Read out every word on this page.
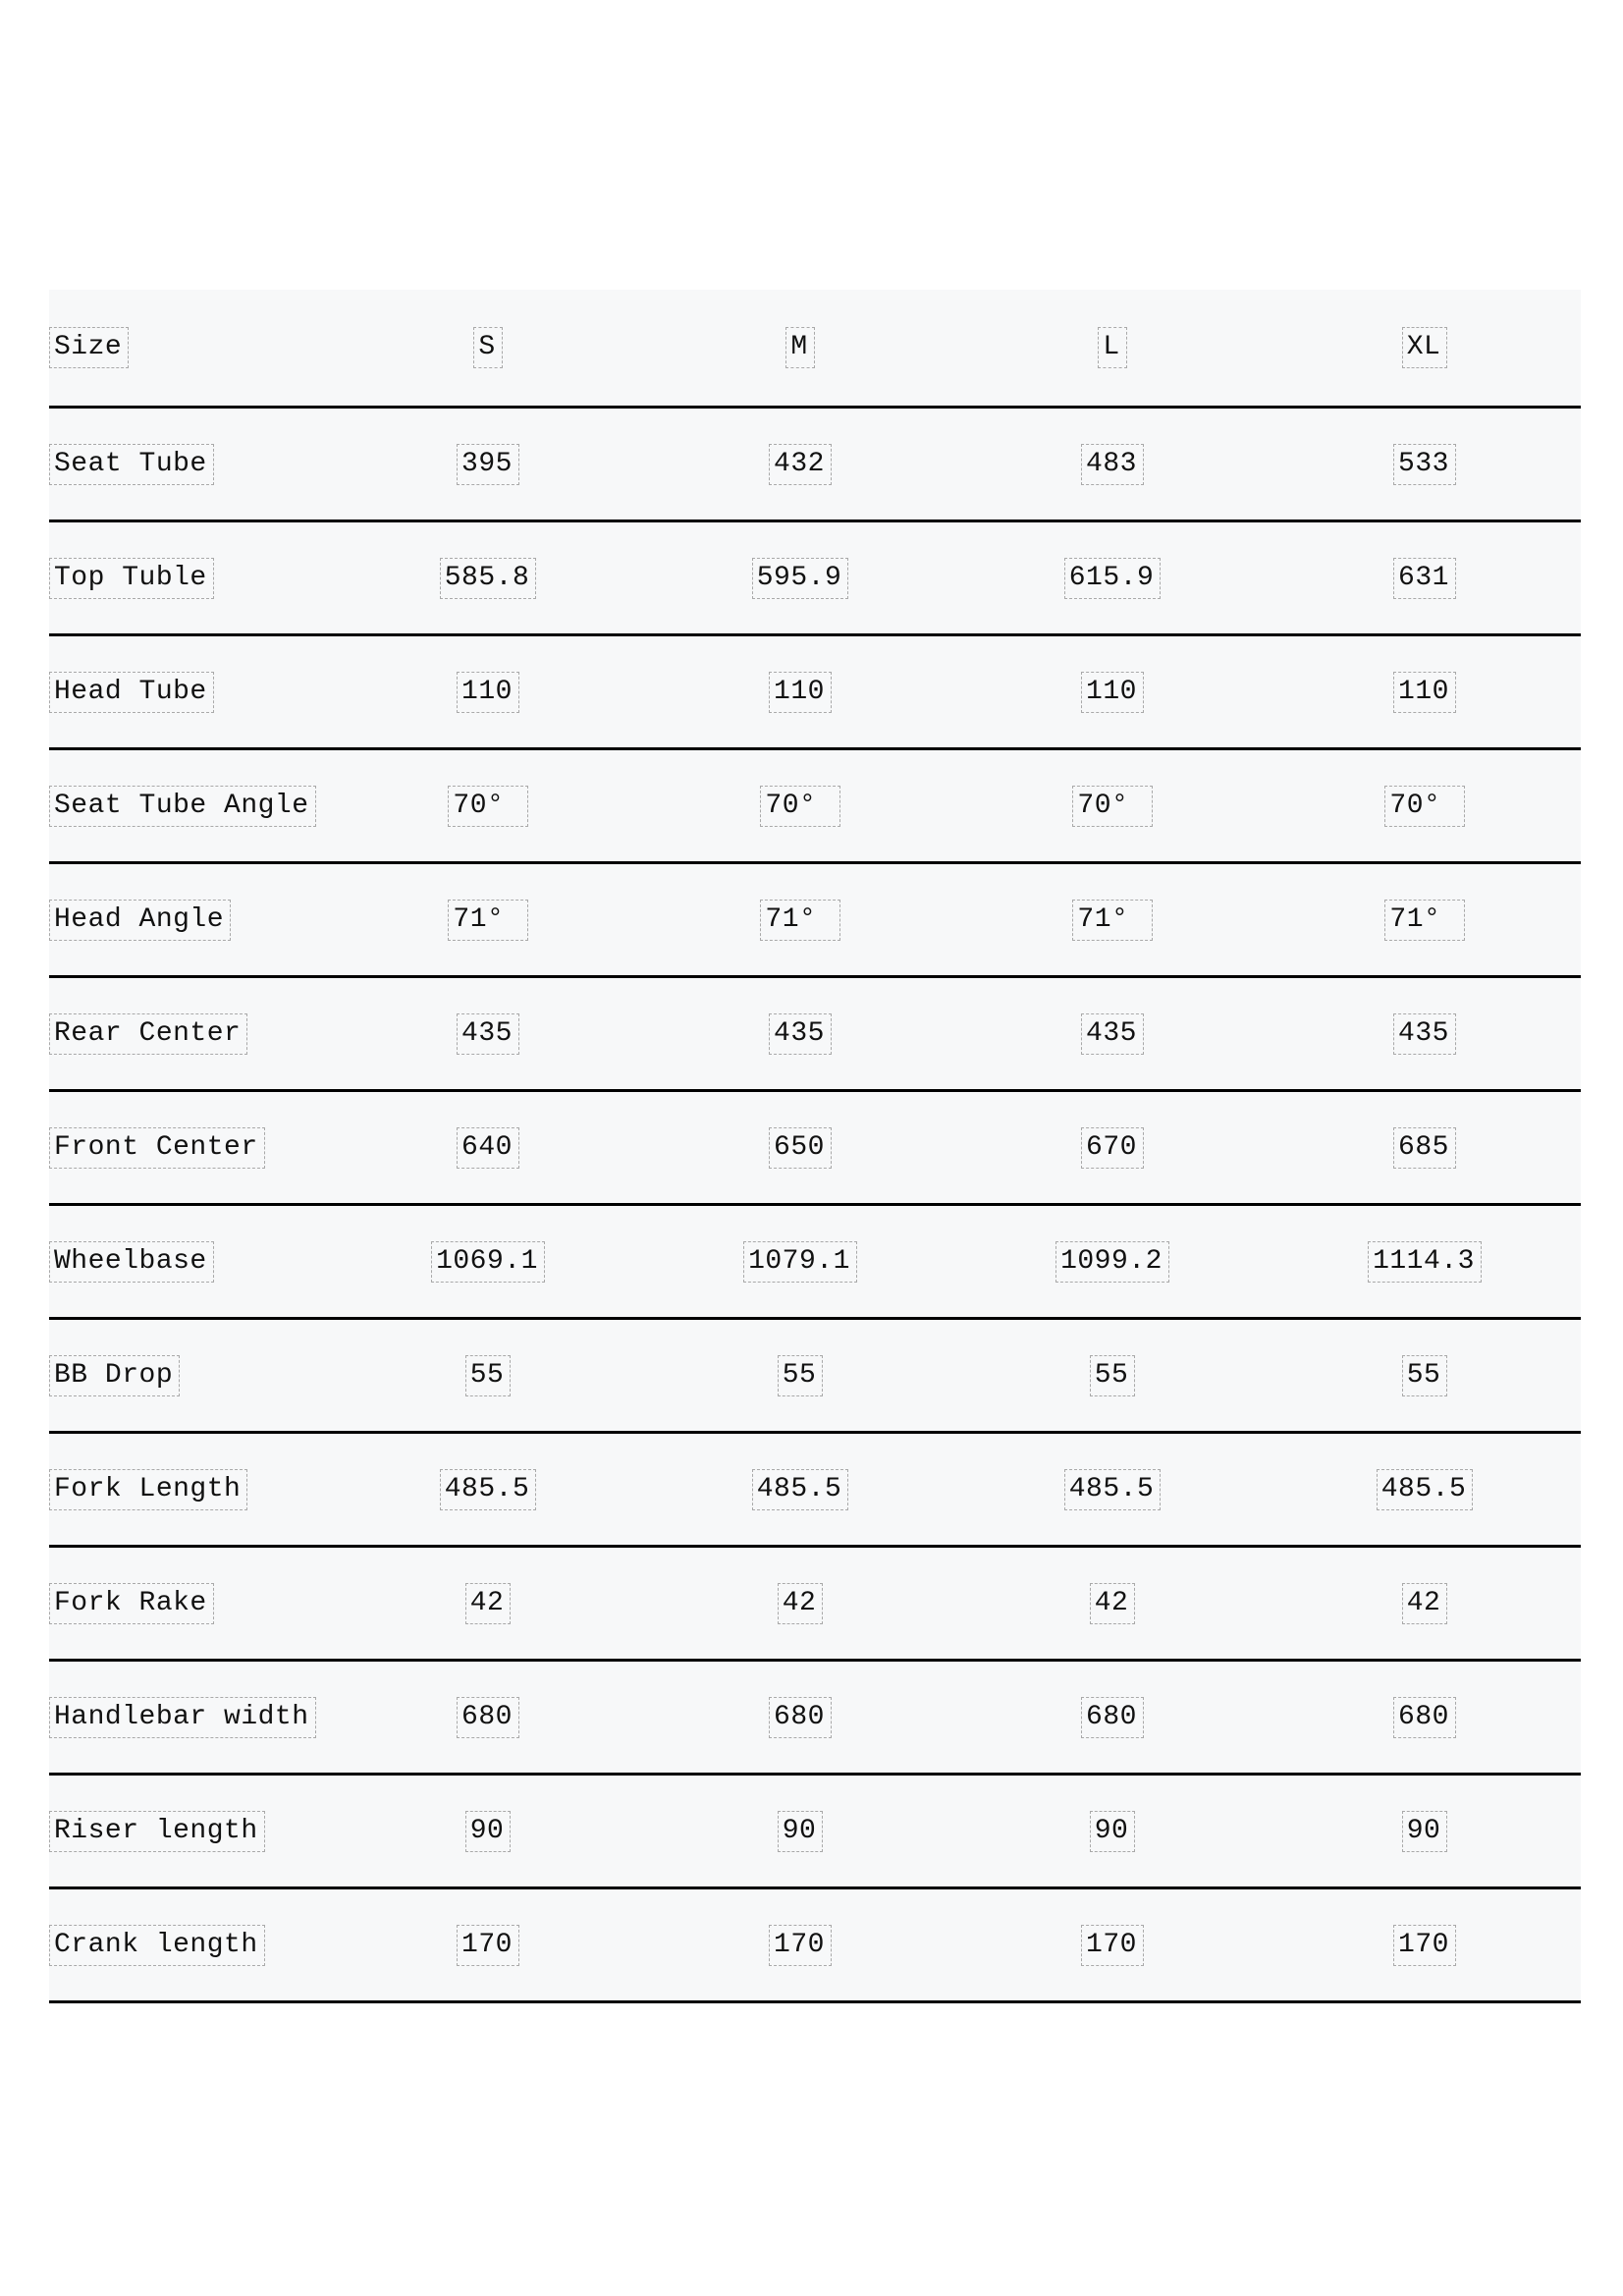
Size	S	M	L	XL
Seat Tube	395	432	483	533
Top Tuble	585.8	595.9	615.9	631
Head Tube	110	110	110	110
Seat Tube Angle	70°	70°	70°	70°
Head Angle	71°	71°	71°	71°
Rear Center	435	435	435	435
Front Center	640	650	670	685
Wheelbase	1069.1	1079.1	1099.2	1114.3
BB Drop	55	55	55	55
Fork Length	485.5	485.5	485.5	485.5
Fork Rake	42	42	42	42
Handlebar width	680	680	680	680
Riser length	90	90	90	90
Crank length	170	170	170	170
